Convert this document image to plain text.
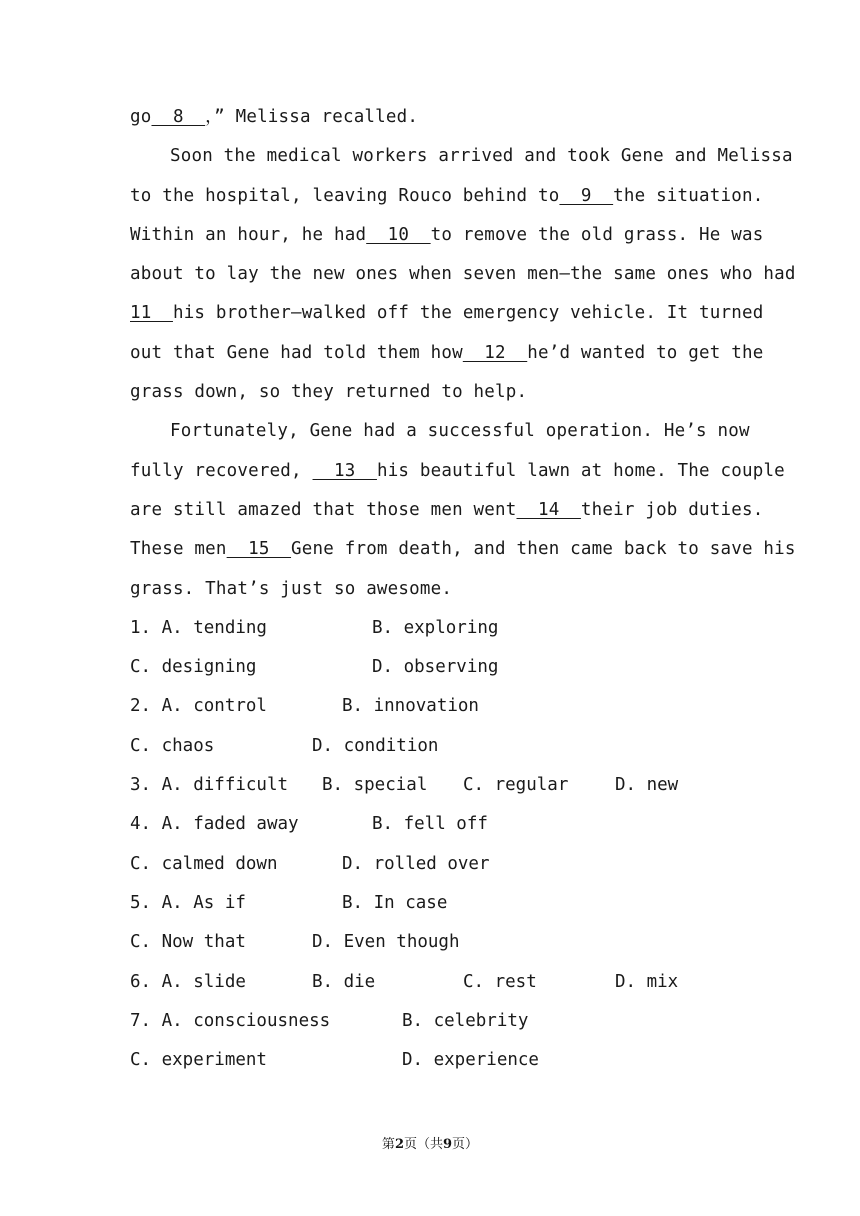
go  8  ，” Melissa recalled.
Soon the medical workers arrived and took Gene and Melissa
to the hospital, leaving Rouco behind to 9  the situation.
Within an hour, he had  10 to remove the old grass. He was
about to lay the new ones when seven men—the same ones who had
11 his brother—walked off the emergency vehicle. It turned
out that Gene had told them how  12 he’d wanted to get the
grass down, so they returned to help.
Fortunately, Gene had a successful operation. He’s now
fully recovered,   13 his beautiful lawn at home. The couple
are still amazed that those men went  14 their job duties.
These men  15 Gene from death, and then came back to save his
grass. That’s just so awesome.
1. A. tending	B. exploring
C. designing	D. observing
2. A. control	B. innovation
C. chaos	D. condition
3. A. difficult B. special C. regular	D. new
4. A. faded away	B. fell off
C. calmed down	D. rolled over
5. A. As if	B. In case
C. Now that	D. Even though
6. A. slide	B. die	C. rest	D. mix
7. A. consciousness	B. celebrity
C. experiment	D. experience
第2页（共9页）
